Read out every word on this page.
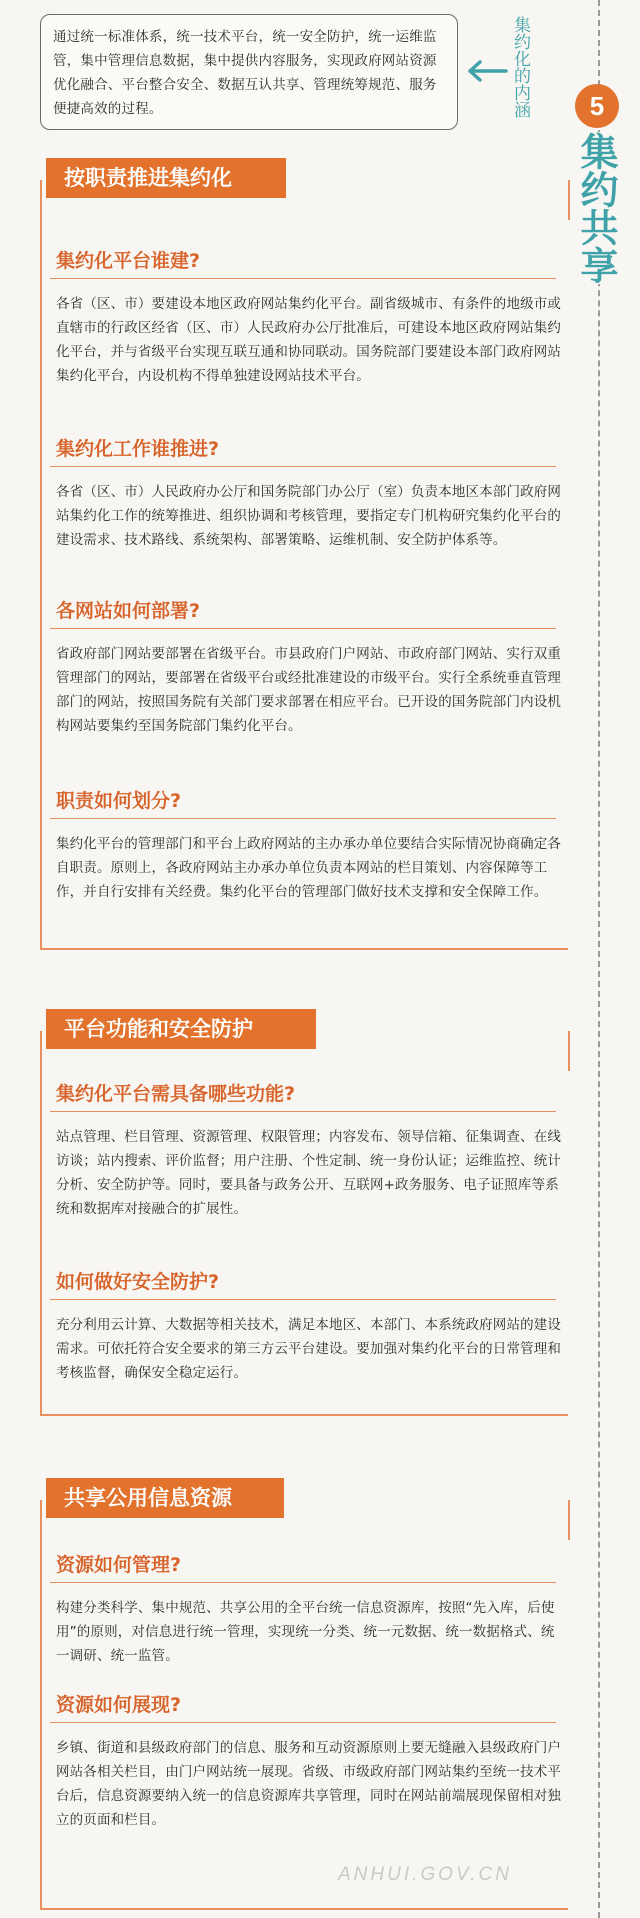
通过统一标准体系，统一技术平台，统一安全防护，统一运维监管，集中管理信息数据，集中提供内容服务，实现政府网站资源优化融合、平台整合安全、数据互认共享、管理统筹规范、服务便捷高效的过程。	集约化的内涵	5
集约共享
按职责推进集约化
集约化平台谁建?
各省（区、市）要建设本地区政府网站集约化平台。副省级城市、有条件的地级市或直辖市的行政区经省（区、市）人民政府办公厅批准后，可建设本地区政府网站集约化平台，并与省级平台实现互联互通和协同联动。国务院部门要建设本部门政府网站集约化平台，内设机构不得单独建设网站技术平台。
集约化工作谁推进?
各省（区、市）人民政府办公厅和国务院部门办公厅（室）负责本地区本部门政府网站集约化工作的统筹推进、组织协调和考核管理，要指定专门机构研究集约化平台的建设需求、技术路线、系统架构、部署策略、运维机制、安全防护体系等。
各网站如何部署?
省政府部门网站要部署在省级平台。市县政府门户网站、市政府部门网站、实行双重管理部门的网站，要部署在省级平台或经批准建设的市级平台。实行全系统垂直管理部门的网站，按照国务院有关部门要求部署在相应平台。已开设的国务院部门内设机构网站要集约至国务院部门集约化平台。
职责如何划分?
集约化平台的管理部门和平台上政府网站的主办承办单位要结合实际情况协商确定各自职责。原则上，各政府网站主办承办单位负责本网站的栏目策划、内容保障等工作，并自行安排有关经费。集约化平台的管理部门做好技术支撑和安全保障工作。
平台功能和安全防护
集约化平台需具备哪些功能?
站点管理、栏目管理、资源管理、权限管理；内容发布、领导信箱、征集调查、在线访谈；站内搜索、评价监督；用户注册、个性定制、统一身份认证；运维监控、统计分析、安全防护等。同时，要具备与政务公开、互联网+政务服务、电子证照库等系统和数据库对接融合的扩展性。
如何做好安全防护?
充分利用云计算、大数据等相关技术，满足本地区、本部门、本系统政府网站的建设需求。可依托符合安全要求的第三方云平台建设。要加强对集约化平台的日常管理和考核监督，确保安全稳定运行。
共享公用信息资源
资源如何管理?
构建分类科学、集中规范、共享公用的全平台统一信息资源库，按照“先入库，后使用”的原则，对信息进行统一管理，实现统一分类、统一元数据、统一数据格式、统一调研、统一监管。
资源如何展现?
乡镇、街道和县级政府部门的信息、服务和互动资源原则上要无缝融入县级政府门户网站各相关栏目，由门户网站统一展现。省级、市级政府部门网站集约至统一技术平台后，信息资源要纳入统一的信息资源库共享管理，同时在网站前端展现保留相对独立的页面和栏目。
ANHUI.GOV.CN
